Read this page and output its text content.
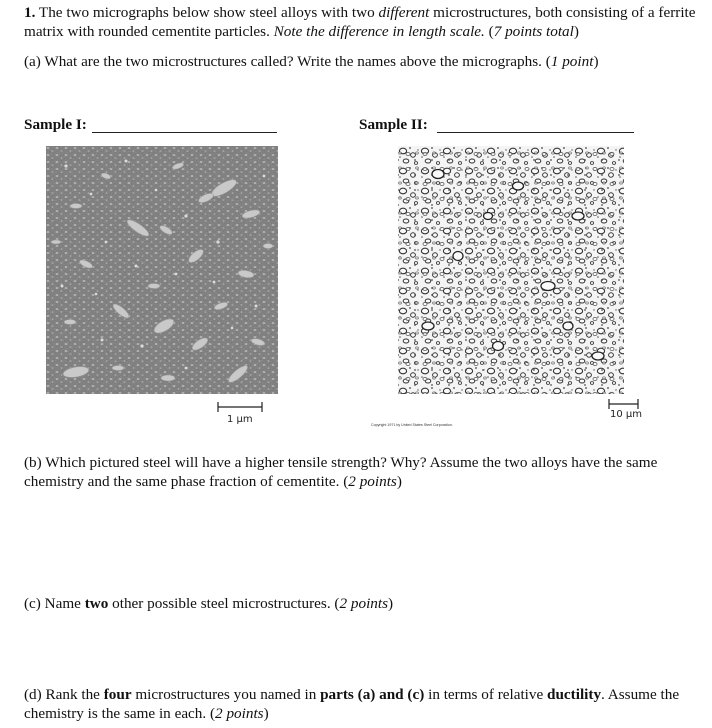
1. The two micrographs below show steel alloys with two different microstructures, both consisting of a ferrite matrix with rounded cementite particles. Note the difference in length scale. (7 points total)
(a) What are the two microstructures called? Write the names above the micrographs. (1 point)
Sample I:	Sample II:
1 μm	10 μm
Copyright 1971 by United States Steel Corporation.
(b) Which pictured steel will have a higher tensile strength? Why? Assume the two alloys have the same chemistry and the same phase fraction of cementite. (2 points)
(c) Name two other possible steel microstructures. (2 points)
(d) Rank the four microstructures you named in parts (a) and (c) in terms of relative ductility. Assume the chemistry is the same in each. (2 points)
